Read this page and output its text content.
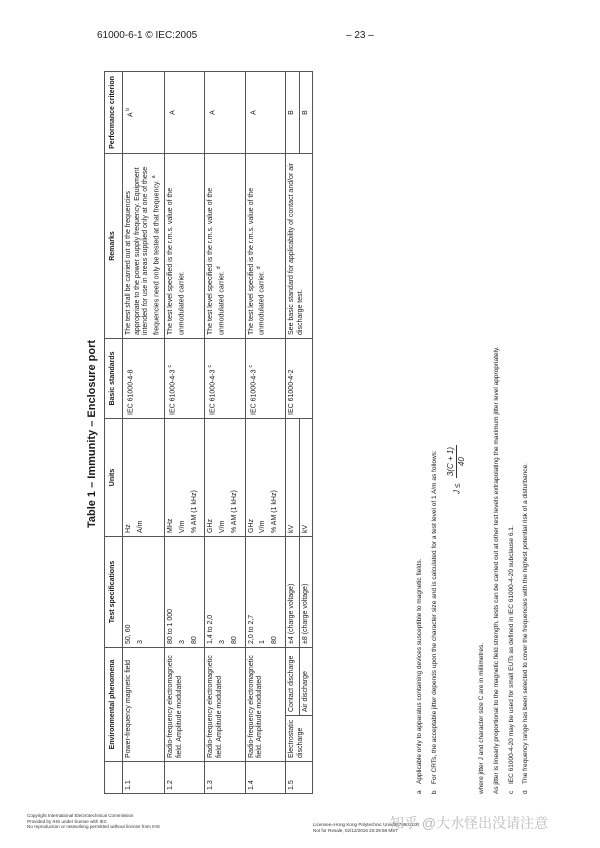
61000-6-1 © IEC:2005	– 23 –
Table 1 – Immunity – Enclosure port
	Environmental phenomena		Test specifications	Units	Basic standards	Remarks	Performance criterion
1.1	Power-frequency magnetic field		50, 60 3	Hz A/m	IEC 61000-4-8	The test shall be carried out at the frequencies appropriate to the power supply frequency. Equipment intended for use in areas supplied only at one of these frequencies need only be tested at that frequency. $^a$	A $^b$
1.2	Radio-frequency electromagnetic field. Amplitude modulated		80 to 1 000 3 80	MHz V/m % AM (1 kHz)	IEC 61000-4-3 $^c$	The test level specified is the r.m.s. value of the unmodulated carrier.	A
1.3	Radio-frequency electromagnetic field. Amplitude modulated		1,4 to 2,0 3 80	GHz V/m % AM (1 kHz)	IEC 61000-4-3 $^c$	The test level specified is the r.m.s. value of the unmodulated carrier. $^d$	A
1.4	Radio-frequency electromagnetic field. Amplitude modulated		2,0 to 2,7 1 80	GHz V/m % AM (1 kHz)	IEC 61000-4-3 $^c$	The test level specified is the r.m.s. value of the unmodulated carrier. $^d$	A
1.5	Electrostatic discharge	Contact discharge	±4 (charge voltage)	kV	IEC 61000-4-2	See basic standard for applicability of contact and/or air discharge test.	B
		Air discharge	±8 (charge voltage)	kV			B
aApplicable only to apparatus containing devices susceptible to magnetic fields.
bFor CRTs, the acceptable jitter depends upon the character size and is calculated for a test level of 1 A/m as follows:	J ≤
3(C + 1) 40
where jitter J and character size C are in millimetres. As jitter is linearly proportional to the magnetic field strength, tests can be carried out at other test levels extrapolating the maximum jitter level appropriately. cIEC 61000-4-20 may be used for small EUTs as defined in IEC 61000-4-20 subclause 6.1.
dThe frequency range has been selected to cover the frequencies with the highest potential risk of a disturbance.
Copyright International Electrotechnical Commission
Provided by IHS under license with IEC
No reproduction or networking permitted without license from IHS	Licensee=Hong Kong Polytechnic Univ/9976803100
Not for Resale, 02/12/2016 20:29:58 MST
知乎 @大水怪出没请注意
